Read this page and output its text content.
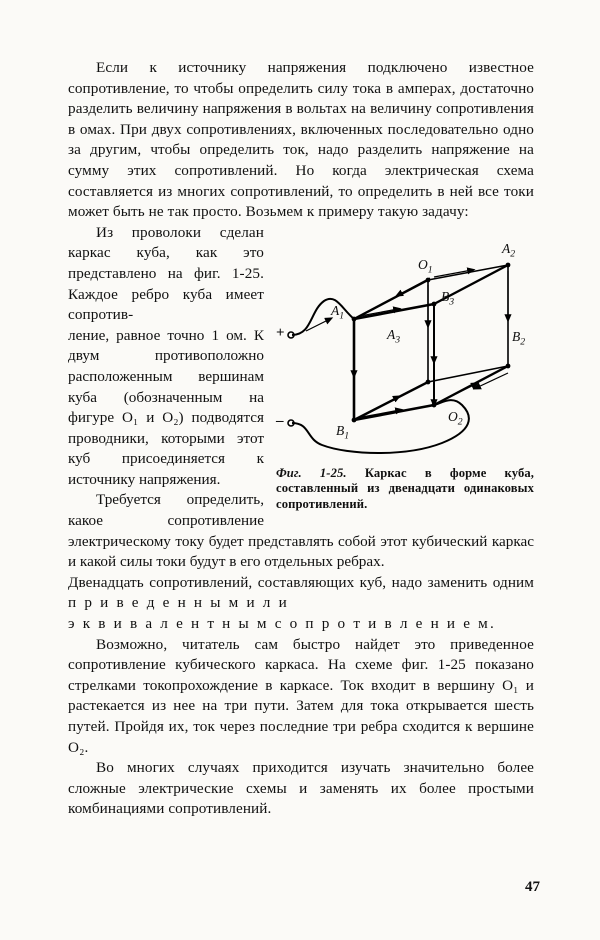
Если к источнику напряжения подключено известное сопротивление, то чтобы определить силу тока в амперах, достаточно разделить величину напряжения в вольтах на величину сопротивления в омах. При двух сопротивлениях, включенных последовательно одно за другим, чтобы определить ток, надо разделить напряжение на сумму этих сопротивлений. Но когда электрическая схема составляется из многих сопротивлений, то определить в ней все токи может быть не так просто. Возьмем к примеру такую задачу:

+
–
$O_1$
$A_2$
$A_1$
$B_3$
$A_3$	$B_2$
$B_1$
$O_2$
Фиг. 1-25. Каркас в форме куба, составленный из двенадцати одинаковых сопротивлений.

Из проволоки сделан каркас куба, как это представлено на фиг. 1-25. Каждое ребро куба имеет сопротив-

ление, равное точно 1 ом. К двум противоположно расположенным вершинам куба (обозначенным на фигуре O₁ и O₂) подводятся проводники, которыми этот куб присоединяется к источнику напряжения.
Требуется определить, какое сопротивление электрическому току будет представлять собой этот кубический каркас и какой силы токи будут в его отдельных ребрах.

Двенадцать сопротивлений, составляющих куб, надо заменить одним п р и в е д е н н ы м и л и
э к в и в а л е н т н ы м с о п р о т и в л е н и е м.

Возможно, читатель сам быстро найдет это приведенное сопротивление кубического каркаса. На схеме фиг. 1-25 показано стрелками токопрохождение в каркасе. Ток входит в вершину O₁ и растекается из нее на три пути. Затем для тока открывается шесть путей. Пройдя их, ток через последние три ребра сходится к вершине O₂.

Во многих случаях приходится изучать значительно более сложные электрические схемы и заменять их более простыми комбинациями сопротивлений.

47
